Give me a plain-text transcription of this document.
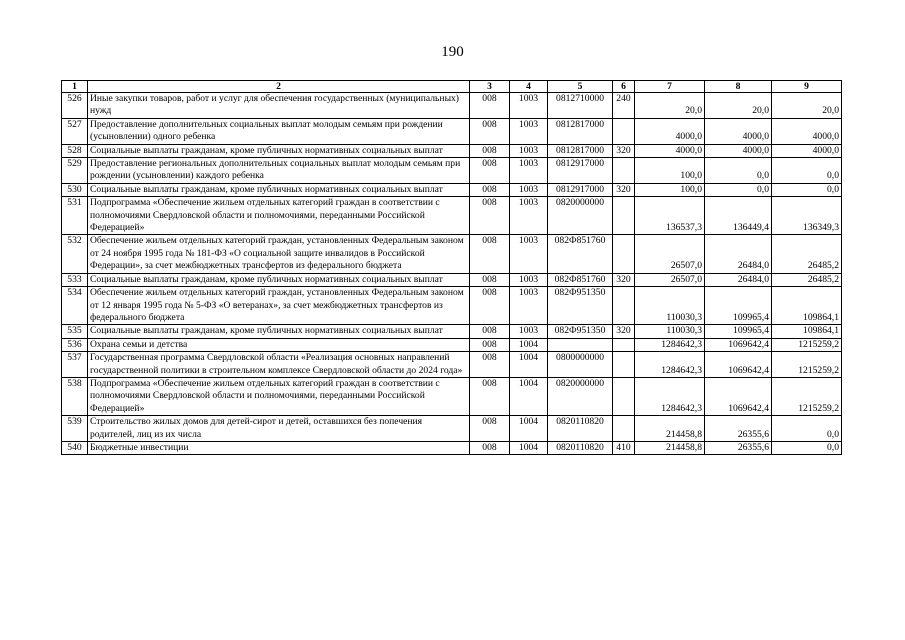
190
1	2	3	4	5	6	7	8	9
526	Иные закупки товаров, работ и услуг для обеспечения государственных (муниципальных) нужд	008	1003	0812710000	240	20,0	20,0	20,0
527	Предоставление дополнительных социальных выплат молодым семьям при рождении (усыновлении) одного ребенка	008	1003	0812817000		4000,0	4000,0	4000,0
528	Социальные выплаты гражданам, кроме публичных нормативных социальных выплат	008	1003	0812817000	320	4000,0	4000,0	4000,0
529	Предоставление региональных дополнительных социальных выплат молодым семьям при рождении (усыновлении) каждого ребенка	008	1003	0812917000		100,0	0,0	0,0
530	Социальные выплаты гражданам, кроме публичных нормативных социальных выплат	008	1003	0812917000	320	100,0	0,0	0,0
531	Подпрограмма «Обеспечение жильем отдельных категорий граждан в соответствии с полномочиями Свердловской области и полномочиями, переданными Российской Федерацией»	008	1003	0820000000		136537,3	136449,4	136349,3
532	Обеспечение жильем отдельных категорий граждан, установленных Федеральным законом от 24 ноября 1995 года № 181-ФЗ «О социальной защите инвалидов в Российской Федерации», за счет межбюджетных трансфертов из федерального бюджета	008	1003	082Ф851760		26507,0	26484,0	26485,2
533	Социальные выплаты гражданам, кроме публичных нормативных социальных выплат	008	1003	082Ф851760	320	26507,0	26484,0	26485,2
534	Обеспечение жильем отдельных категорий граждан, установленных Федеральным законом от 12 января 1995 года № 5-ФЗ «О ветеранах», за счет межбюджетных трансфертов из федерального бюджета	008	1003	082Ф951350		110030,3	109965,4	109864,1
535	Социальные выплаты гражданам, кроме публичных нормативных социальных выплат	008	1003	082Ф951350	320	110030,3	109965,4	109864,1
536	Охрана семьи и детства	008	1004			1284642,3	1069642,4	1215259,2
537	Государственная программа Свердловской области «Реализация основных направлений государственной политики в строительном комплексе Свердловской области до 2024 года»	008	1004	0800000000		1284642,3	1069642,4	1215259,2
538	Подпрограмма «Обеспечение жильем отдельных категорий граждан в соответствии с полномочиями Свердловской области и полномочиями, переданными Российской Федерацией»	008	1004	0820000000		1284642,3	1069642,4	1215259,2
539	Строительство жилых домов для детей-сирот и детей, оставшихся без попечения родителей, лиц из их числа	008	1004	0820110820		214458,8	26355,6	0,0
540	Бюджетные инвестиции	008	1004	0820110820	410	214458,8	26355,6	0,0
